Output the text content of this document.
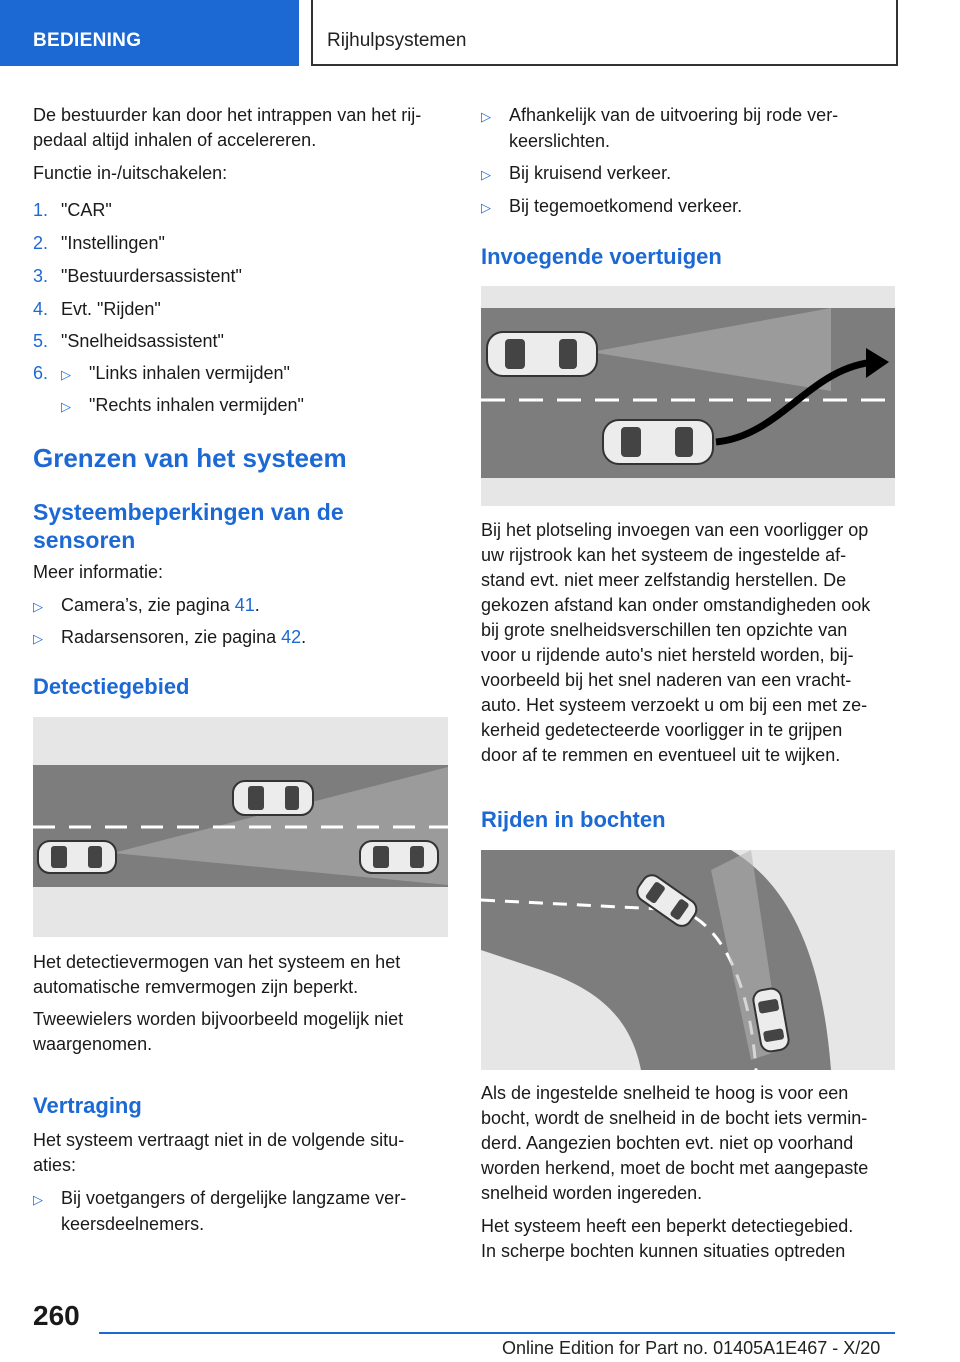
BEDIENING	Rijhulpsystemen

De bestuurder kan door het intrappen van het rij-
pedaal altijd inhalen of accelereren.

Functie in-/uitschakelen:

1. "CAR"
2. "Instellingen"
3. "Bestuurdersassistent"
4. Evt. "Rijden"
5. "Snelheidsassistent"
6. ▷ "Links inhalen vermijden"
▷ "Rechts inhalen vermijden"
Grenzen van het systeem
Systeembeperkingen van de
sensoren

Meer informatie:

▷ Camera’s, zie pagina 41.
▷ Radarsensoren, zie pagina 42.
Detectiegebied

Het detectievermogen van het systeem en het
automatische remvermogen zijn beperkt.

Tweewielers worden bijvoorbeeld mogelijk niet
waargenomen.

Vertraging

Het systeem vertraagt niet in de volgende situ-
aties:

▷ Bij voetgangers of dergelijke langzame ver-
keersdeelnemers.
▷ Afhankelijk van de uitvoering bij rode ver-
keerslichten.
▷ Bij kruisend verkeer.
▷ Bij tegemoetkomend verkeer.
Invoegende voertuigen

Bij het plotseling invoegen van een voorligger op
uw rijstrook kan het systeem de ingestelde af-
stand evt. niet meer zelfstandig herstellen. De
gekozen afstand kan onder omstandigheden ook
bij grote snelheidsverschillen ten opzichte van
voor u rijdende auto's niet hersteld worden, bij-
voorbeeld bij het snel naderen van een vracht-
auto. Het systeem verzoekt u om bij een met ze-
kerheid gedetecteerde voorligger in te grijpen
door af te remmen en eventueel uit te wijken.

Rijden in bochten

Als de ingestelde snelheid te hoog is voor een
bocht, wordt de snelheid in de bocht iets vermin-
derd. Aangezien bochten evt. niet op voorhand
worden herkend, moet de bocht met aangepaste
snelheid worden ingereden.

Het systeem heeft een beperkt detectiegebied.
In scherpe bochten kunnen situaties optreden

260
Online Edition for Part no. 01405A1E467 - X/20
